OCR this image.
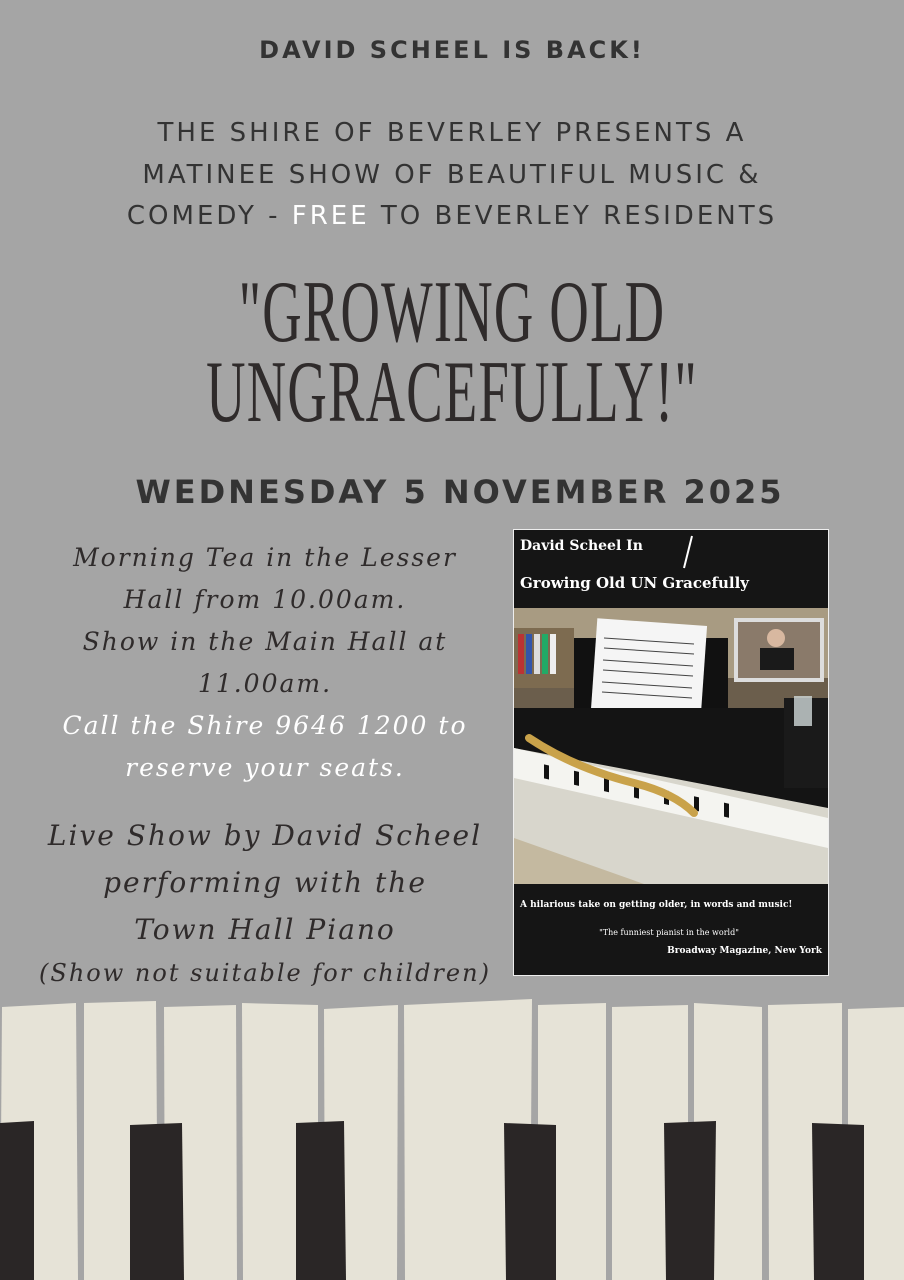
DAVID SCHEEL IS BACK!
THE SHIRE OF BEVERLEY PRESENTS A
MATINEE SHOW OF BEAUTIFUL MUSIC &
COMEDY - FREE TO BEVERLEY RESIDENTS
"GROWING OLD
UNGRACEFULLY!"
WEDNESDAY 5 NOVEMBER 2025
Morning Tea in the Lesser
Hall from 10.00am.
Show in the Main Hall at
11.00am.
Call the Shire 9646 1200 to
reserve your seats.
Live Show by David Scheel
performing with the
Town Hall Piano
(Show not suitable for children)
David Scheel In
Growing Old UN Gracefully
A hilarious take on getting older, in words and music!
"The funniest pianist in the world"
Broadway Magazine, New York
